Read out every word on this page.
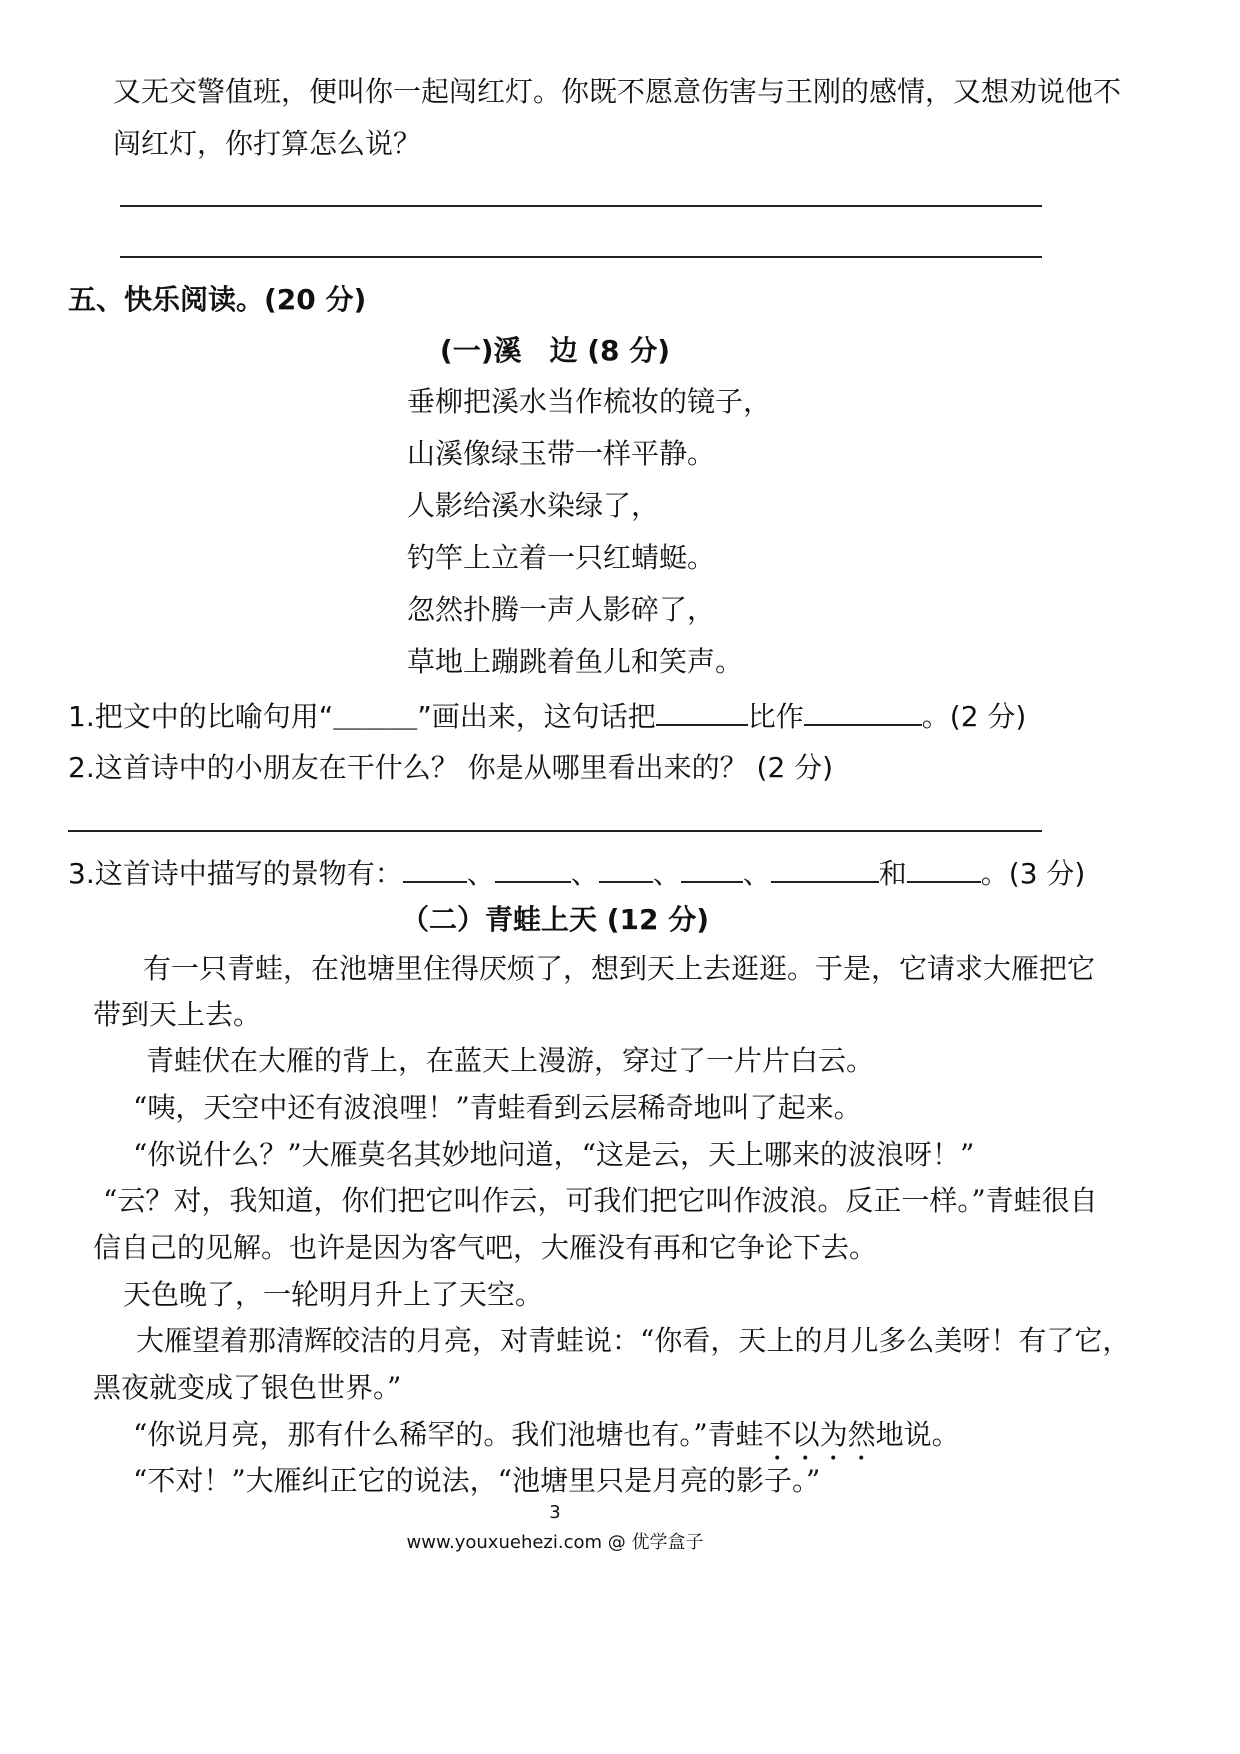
又无交警值班，便叫你一起闯红灯。你既不愿意伤害与王刚的感情，又想劝说他不
闯红灯，你打算怎么说？
五、快乐阅读。(20 分)
(一)溪　边 (8 分)
垂柳把溪水当作梳妆的镜子，
山溪像绿玉带一样平静。
人影给溪水染绿了，
钓竿上立着一只红蜻蜓。
忽然扑腾一声人影碎了，
草地上蹦跳着鱼儿和笑声。
1.把文中的比喻句用“＿＿＿”画出来，这句话把	比作	。(2 分)
2.这首诗中的小朋友在干什么？ 你是从哪里看出来的？ (2 分)
3.这首诗中描写的景物有： 、	、 、 、	和	。(3 分)
（二）青蛙上天 (12 分)
有一只青蛙，在池塘里住得厌烦了，想到天上去逛逛。于是，它请求大雁把它
带到天上去。
青蛙伏在大雁的背上，在蓝天上漫游，穿过了一片片白云。
“咦，天空中还有波浪哩！”青蛙看到云层稀奇地叫了起来。
“你说什么？”大雁莫名其妙地问道，“这是云，天上哪来的波浪呀！”
“云？对，我知道，你们把它叫作云，可我们把它叫作波浪。反正一样。”青蛙很自
信自己的见解。也许是因为客气吧，大雁没有再和它争论下去。
天色晚了，一轮明月升上了天空。
大雁望着那清辉皎洁的月亮，对青蛙说：“你看，天上的月儿多么美呀！有了它，
黑夜就变成了银色世界。”
“你说月亮，那有什么稀罕的。我们池塘也有。”青蛙不以为然地说。
“不对！”大雁纠正它的说法，“池塘里只是月亮的影子。”
3
www.youxuehezi.com @ 优学盒子
